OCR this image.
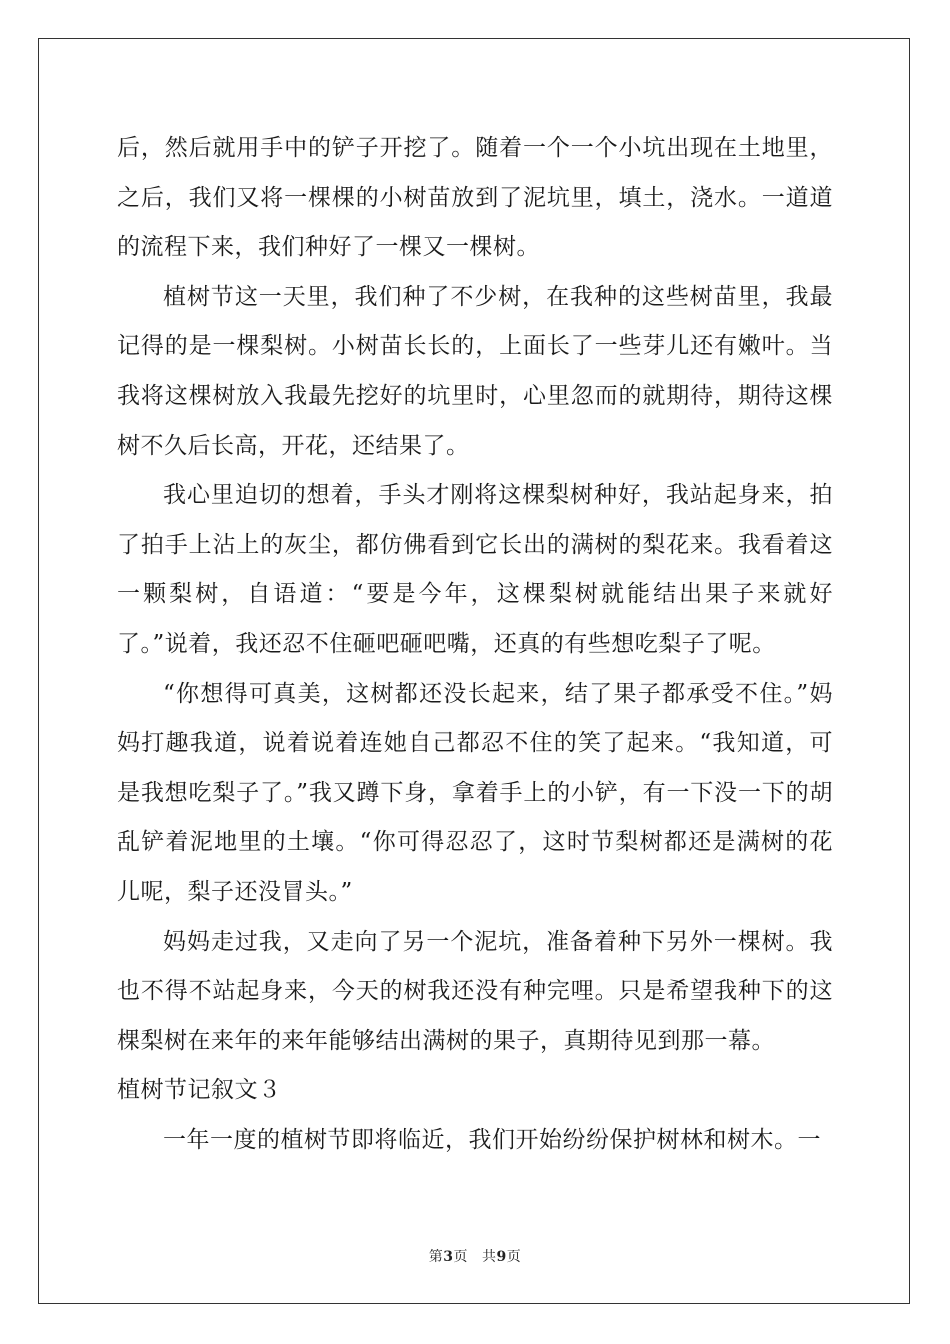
后，然后就用手中的铲子开挖了。随着一个一个小坑出现在土地里，之后，我们又将一棵棵的小树苗放到了泥坑里，填土，浇水。一道道的流程下来，我们种好了一棵又一棵树。

植树节这一天里，我们种了不少树，在我种的这些树苗里，我最记得的是一棵梨树。小树苗长长的，上面长了一些芽儿还有嫩叶。当我将这棵树放入我最先挖好的坑里时，心里忽而的就期待，期待这棵树不久后长高，开花，还结果了。

我心里迫切的想着，手头才刚将这棵梨树种好，我站起身来，拍了拍手上沾上的灰尘，都仿佛看到它长出的满树的梨花来。我看着这一颗梨树，自语道：“要是今年，这棵梨树就能结出果子来就好了。”说着，我还忍不住砸吧砸吧嘴，还真的有些想吃梨子了呢。

“你想得可真美，这树都还没长起来，结了果子都承受不住。”妈妈打趣我道，说着说着连她自己都忍不住的笑了起来。“我知道，可是我想吃梨子了。”我又蹲下身，拿着手上的小铲，有一下没一下的胡乱铲着泥地里的土壤。“你可得忍忍了，这时节梨树都还是满树的花儿呢，梨子还没冒头。”

妈妈走过我，又走向了另一个泥坑，准备着种下另外一棵树。我也不得不站起身来，今天的树我还没有种完哩。只是希望我种下的这棵梨树在来年的来年能够结出满树的果子，真期待见到那一幕。

植树节记叙文３

一年一度的植树节即将临近，我们开始纷纷保护树林和树木。一

第3页 共9页
